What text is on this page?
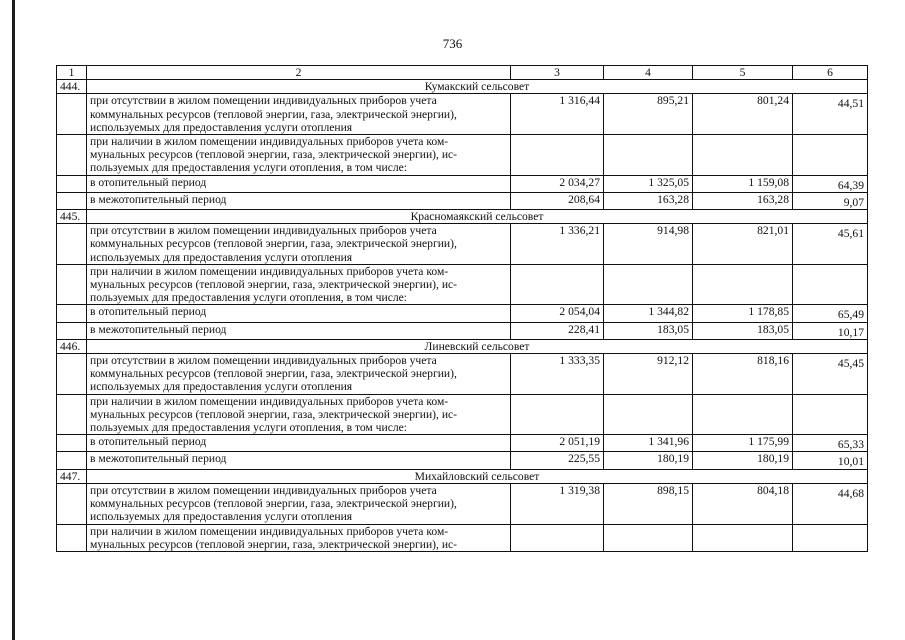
736
1	2	3	4	5	6
444.	Кумакский сельсовет				

	при отсутствии в жилом помещении индивидуальных приборов учета
коммунальных ресурсов (тепловой энергии, газа, электрической энергии),
используемых для предоставления услуги отопления	1 316,44	895,21	801,24	44,51

	при наличии в жилом помещении индивидуальных приборов учета ком-
мунальных ресурсов (тепловой энергии, газа, электрической энергии), ис-
пользуемых для предоставления услуги отопления, в том числе:				

	в отопительный период	2 034,27	1 325,05	1 159,08	64,39
	в межотопительный период	208,64	163,28	163,28	9,07
445.	Красномаякский сельсовет				

	при отсутствии в жилом помещении индивидуальных приборов учета
коммунальных ресурсов (тепловой энергии, газа, электрической энергии),
используемых для предоставления услуги отопления	1 336,21	914,98	821,01	45,61

	при наличии в жилом помещении индивидуальных приборов учета ком-
мунальных ресурсов (тепловой энергии, газа, электрической энергии), ис-
пользуемых для предоставления услуги отопления, в том числе:				

	в отопительный период	2 054,04	1 344,82	1 178,85	65,49
	в межотопительный период	228,41	183,05	183,05	10,17
446.	Линевский сельсовет				

	при отсутствии в жилом помещении индивидуальных приборов учета
коммунальных ресурсов (тепловой энергии, газа, электрической энергии),
используемых для предоставления услуги отопления	1 333,35	912,12	818,16	45,45

	при наличии в жилом помещении индивидуальных приборов учета ком-
мунальных ресурсов (тепловой энергии, газа, электрической энергии), ис-
пользуемых для предоставления услуги отопления, в том числе:				

	в отопительный период	2 051,19	1 341,96	1 175,99	65,33
	в межотопительный период	225,55	180,19	180,19	10,01
447.	Михайловский сельсовет				

	при отсутствии в жилом помещении индивидуальных приборов учета
коммунальных ресурсов (тепловой энергии, газа, электрической энергии),
используемых для предоставления услуги отопления	1 319,38	898,15	804,18	44,68

	при наличии в жилом помещении индивидуальных приборов учета ком-
мунальных ресурсов (тепловой энергии, газа, электрической энергии), ис-				
